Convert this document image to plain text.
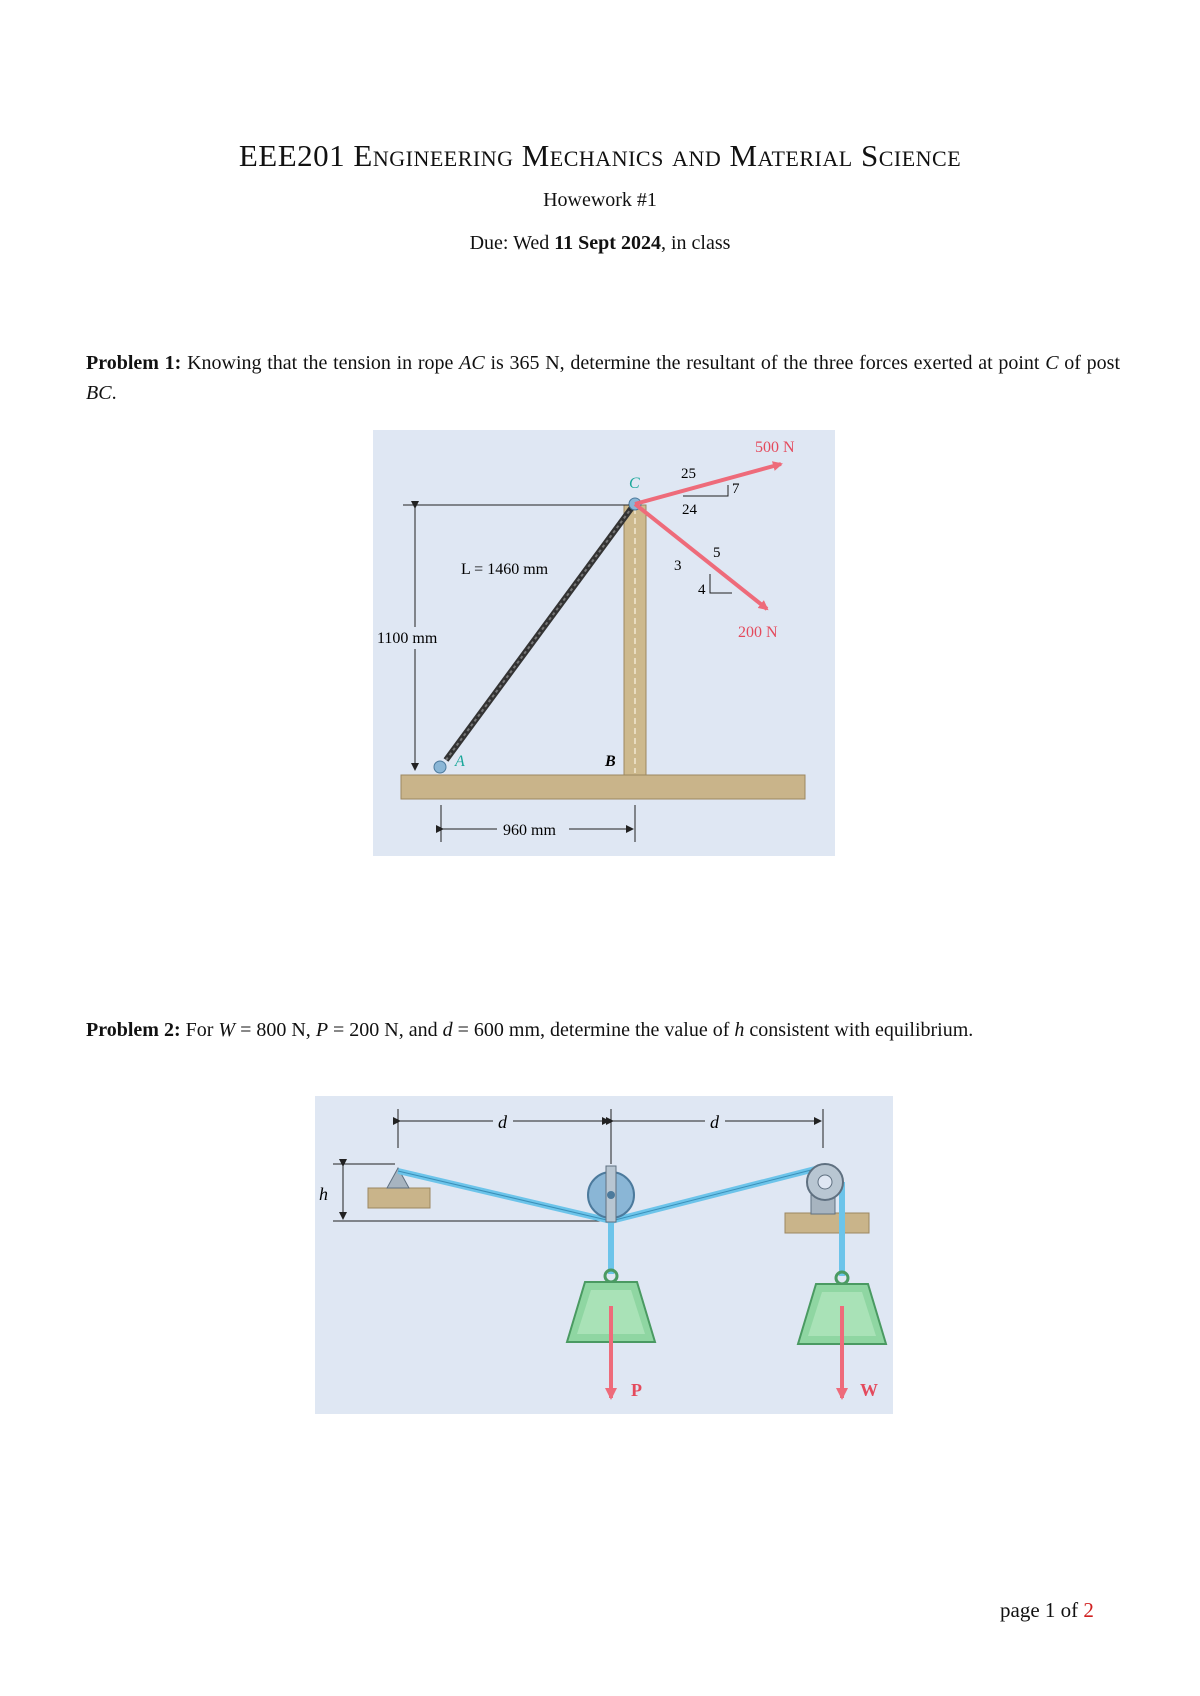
EEE201 Engineering Mechanics and Material Science
Howework #1
Due: Wed 11 Sept 2024, in class
Problem 1: Knowing that the tension in rope AC is 365 N, determine the resultant of the three forces exerted at point C of post BC.
1100 mm
960 mm
500 N
200 N
25
7
24
5
3
4
C
L = 1460 mm
A	B
Problem 2: For W = 800 N, P = 200 N, and d = 600 mm, determine the value of h consistent with equilibrium.
d	d
h
P	W
page 1 of 2
